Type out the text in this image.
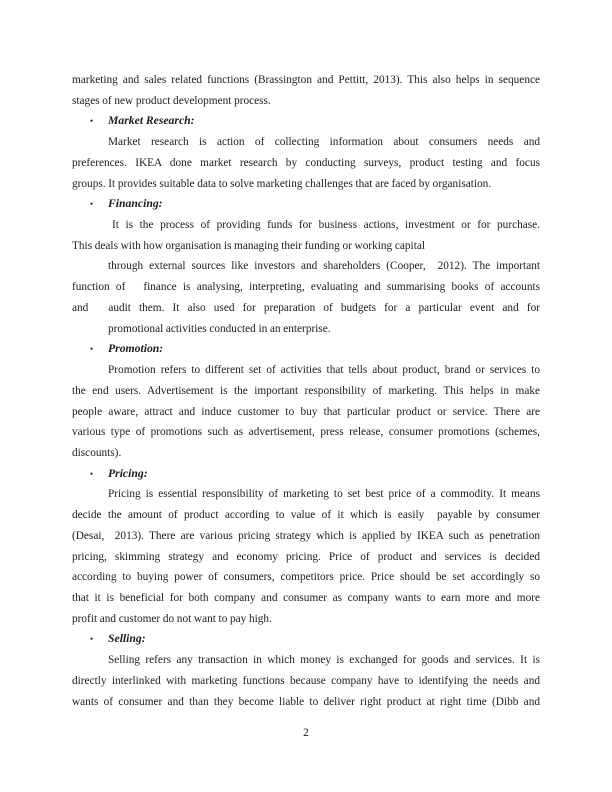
marketing and sales related functions (Brassington and Pettitt, 2013). This also helps in sequence
stages of new product development process.
• Market Research:
Market research is action of collecting information about consumers needs and
preferences. IKEA done market research by conducting surveys, product testing and focus
groups. It provides suitable data to solve marketing challenges that are faced by organisation.
• Financing:
It is the process of providing funds for business actions, investment or for purchase.
This deals with how organisation is managing their funding or working capital
through external sources like investors and shareholders (Cooper,  2012). The important
function of finance is analysing, interpreting, evaluating and summarising books of accounts
and audit them. It also used for preparation of budgets for a particular event and for
promotional activities conducted in an enterprise.
• Promotion:
Promotion refers to different set of activities that tells about product, brand or services to
the end users. Advertisement is the important responsibility of marketing. This helps in make
people aware, attract and induce customer to buy that particular product or service. There are
various type of promotions such as advertisement, press release, consumer promotions (schemes,
discounts).
• Pricing:
Pricing is essential responsibility of marketing to set best price of a commodity. It means
decide the amount of product according to value of it which is easily  payable by consumer
(Desai,  2013). There are various pricing strategy which is applied by IKEA such as penetration
pricing, skimming strategy and economy pricing. Price of product and services is decided
according to buying power of consumers, competitors price. Price should be set accordingly so
that it is beneficial for both company and consumer as company wants to earn more and more
profit and customer do not want to pay high.
• Selling:
Selling refers any transaction in which money is exchanged for goods and services. It is
directly interlinked with marketing functions because company have to identifying the needs and
wants of consumer and than they become liable to deliver right product at right time (Dibb and
2
